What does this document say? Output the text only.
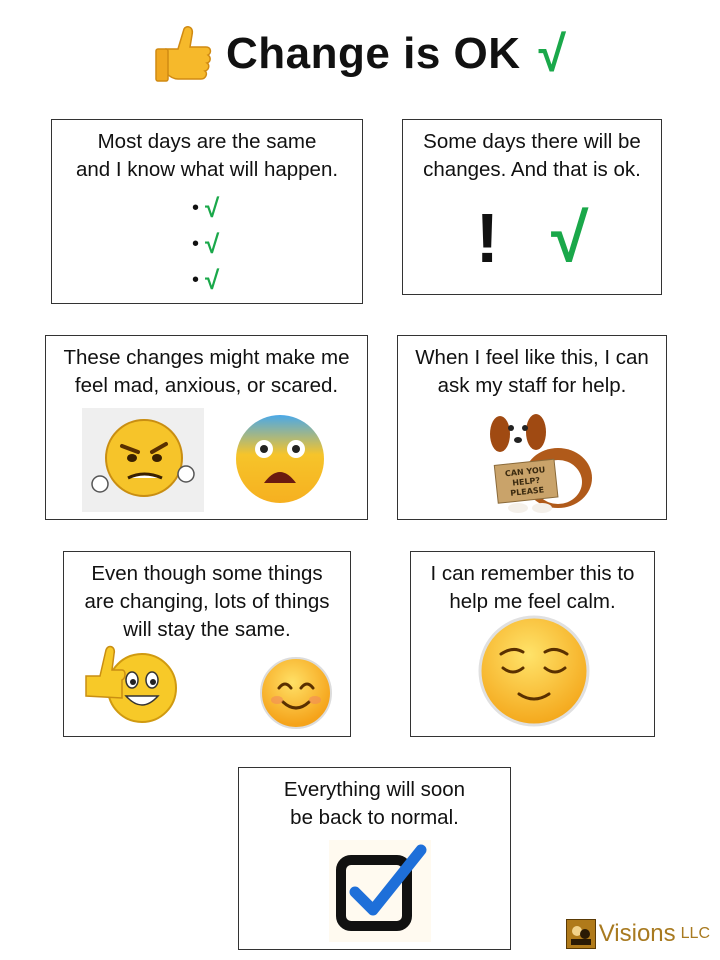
Change is OK √
Most days are the same
and I know what will happen.
• √
• √
• √
Some days there will be
changes. And that is ok.
! √
These changes might make me
feel mad, anxious, or scared.
When I feel like this, I can
ask my staff for help.
CAN YOU
HELP?
PLEASE
Even though some things
are changing, lots of things
will stay the same.
I can remember this to
help me feel calm.
Everything will soon
be back to normal.
Visions LLC
